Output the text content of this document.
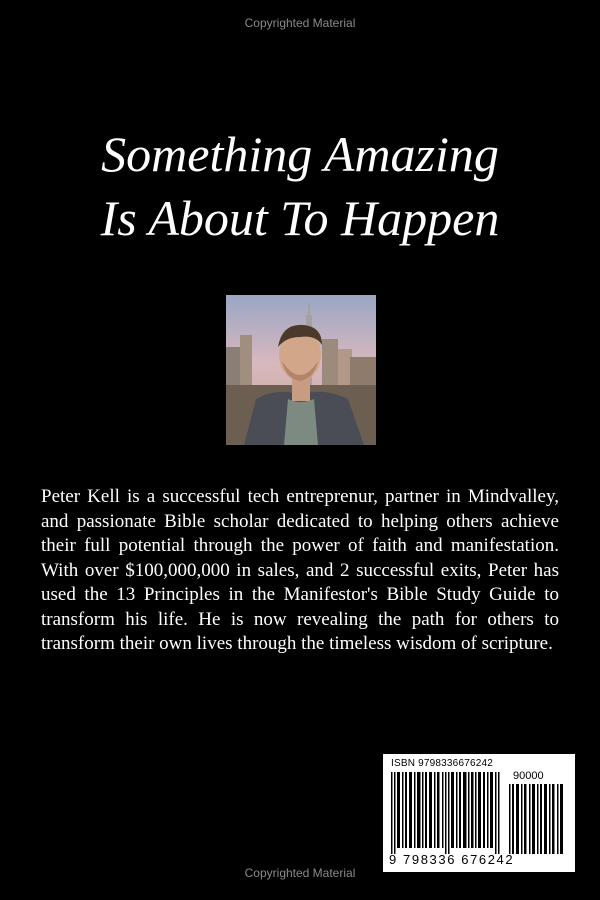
Copyrighted Material
Something Amazing
Is About To Happen
Peter Kell is a successful tech entreprenur, partner in Mindvalley, and passionate Bible scholar dedicated to helping others achieve their full potential through the power of faith and manifestation. With over $100,000,000 in sales, and 2 successful exits, Peter has used the 13 Principles in the Manifestor's Bible Study Guide to transform his life. He is now revealing the path for others to transform their own lives through the timeless wisdom of scripture.
ISBN 9798336676242
90000
9 798336 676242
Copyrighted Material
